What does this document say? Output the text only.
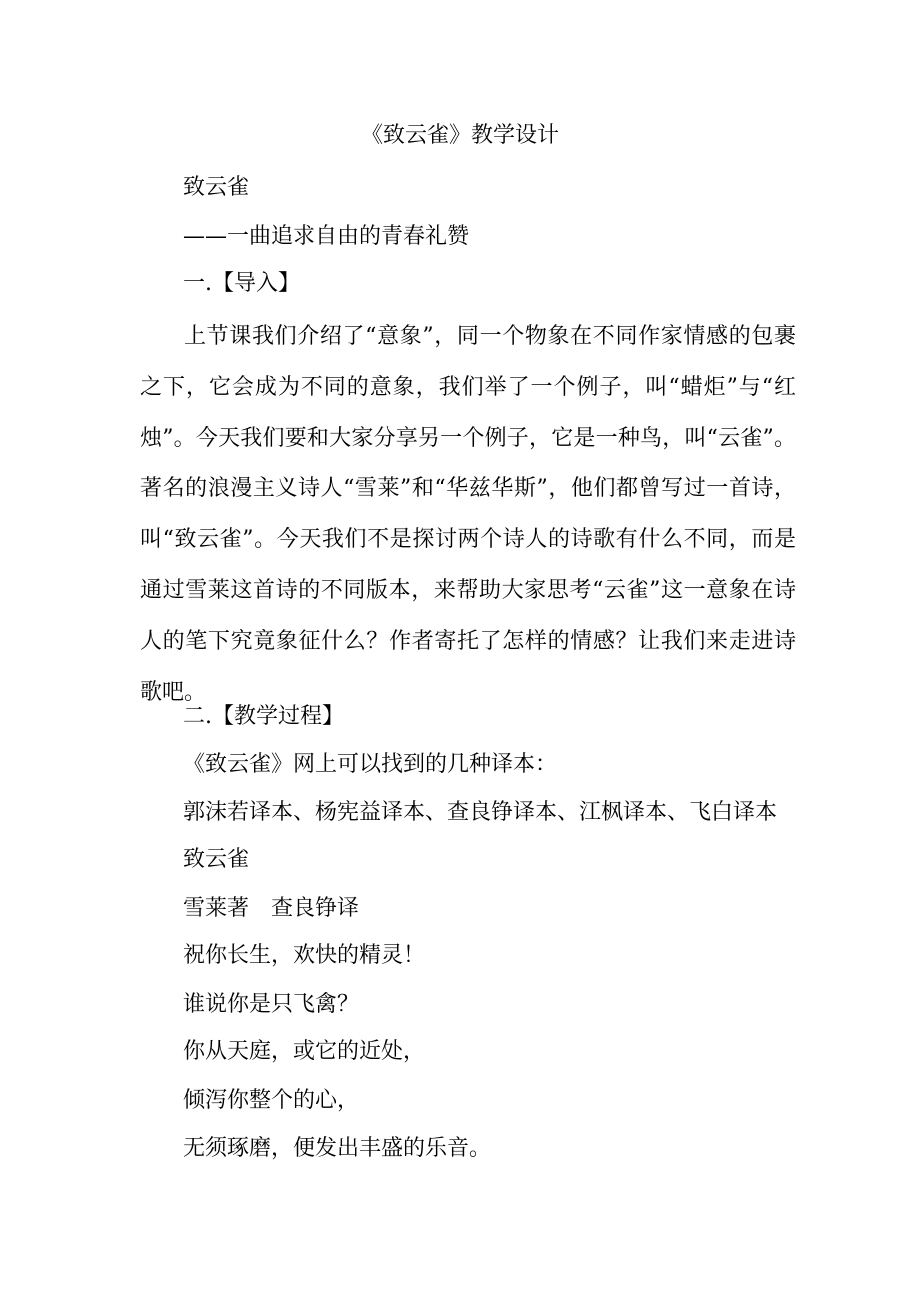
《致云雀》教学设计
致云雀
——一曲追求自由的青春礼赞
一.【导入】
上节课我们介绍了“意象”，同一个物象在不同作家情感的包裹之下，它会成为不同的意象，我们举了一个例子，叫“蜡炬”与“红烛”。今天我们要和大家分享另一个例子，它是一种鸟，叫“云雀”。著名的浪漫主义诗人“雪莱”和“华兹华斯”，他们都曾写过一首诗，叫“致云雀”。今天我们不是探讨两个诗人的诗歌有什么不同，而是通过雪莱这首诗的不同版本，来帮助大家思考“云雀”这一意象在诗人的笔下究竟象征什么？作者寄托了怎样的情感？让我们来走进诗歌吧。
二.【教学过程】
《致云雀》网上可以找到的几种译本：
郭沫若译本、杨宪益译本、查良铮译本、江枫译本、飞白译本
致云雀
雪莱著　查良铮译
祝你长生，欢快的精灵！
谁说你是只飞禽？
你从天庭，或它的近处，
倾泻你整个的心，
无须琢磨，便发出丰盛的乐音。
